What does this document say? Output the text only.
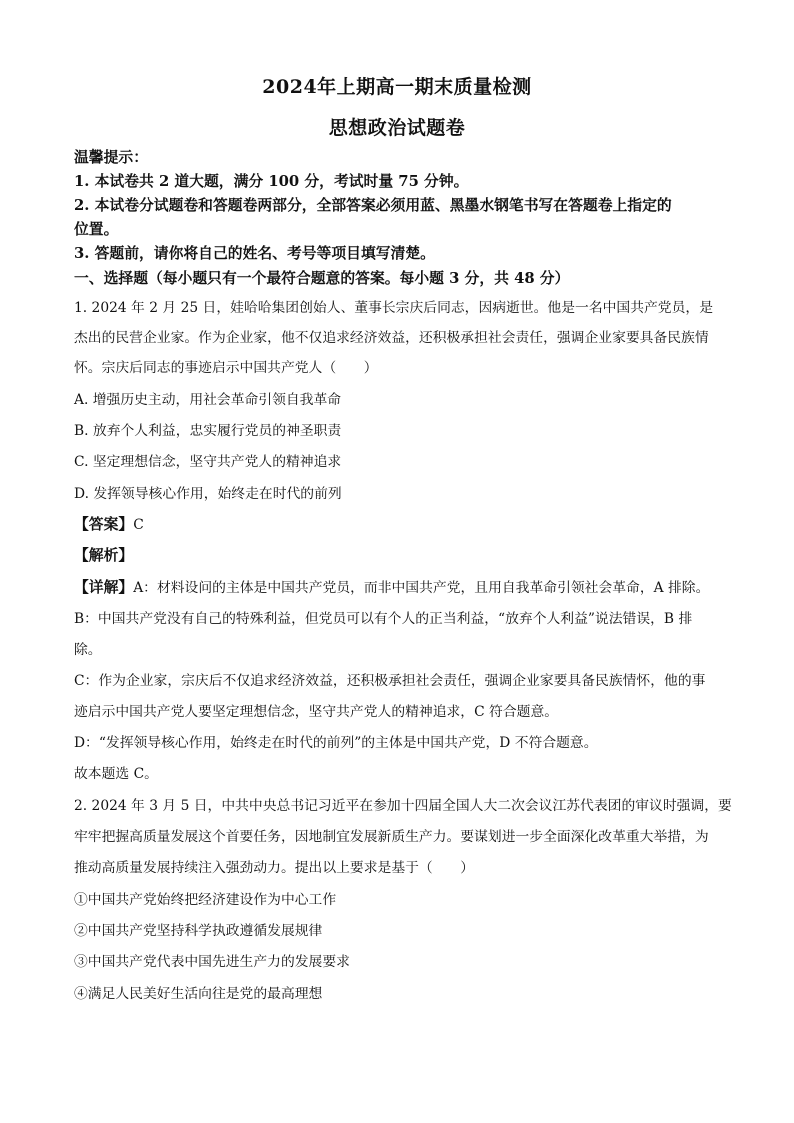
2024年上期高一期末质量检测
思想政治试题卷
温馨提示：
1. 本试卷共 2 道大题，满分 100 分，考试时量 75 分钟。
2. 本试卷分试题卷和答题卷两部分，全部答案必须用蓝、黑墨水钢笔书写在答题卷上指定的
位置。
3. 答题前，请你将自己的姓名、考号等项目填写清楚。
一、选择题（每小题只有一个最符合题意的答案。每小题 3 分，共 48 分）
1. 2024 年 2 月 25 日，娃哈哈集团创始人、董事长宗庆后同志，因病逝世。他是一名中国共产党员，是
杰出的民营企业家。作为企业家，他不仅追求经济效益，还积极承担社会责任，强调企业家要具备民族情
怀。宗庆后同志的事迹启示中国共产党人（　　）
A. 增强历史主动，用社会革命引领自我革命
B. 放弃个人利益，忠实履行党员的神圣职责
C. 坚定理想信念，坚守共产党人的精神追求
D. 发挥领导核心作用，始终走在时代的前列
【答案】C
【解析】
【详解】A：材料设问的主体是中国共产党员，而非中国共产党，且用自我革命引领社会革命，A 排除。
B：中国共产党没有自己的特殊利益，但党员可以有个人的正当利益，“放弃个人利益”说法错误，B 排
除。
C：作为企业家，宗庆后不仅追求经济效益，还积极承担社会责任，强调企业家要具备民族情怀，他的事
迹启示中国共产党人要坚定理想信念，坚守共产党人的精神追求，C 符合题意。
D：“发挥领导核心作用，始终走在时代的前列”的主体是中国共产党，D 不符合题意。
故本题选 C。
2. 2024 年 3 月 5 日，中共中央总书记习近平在参加十四届全国人大二次会议江苏代表团的审议时强调，要
牢牢把握高质量发展这个首要任务，因地制宜发展新质生产力。要谋划进一步全面深化改革重大举措，为
推动高质量发展持续注入强劲动力。提出以上要求是基于（　　）
①中国共产党始终把经济建设作为中心工作
②中国共产党坚持科学执政遵循发展规律
③中国共产党代表中国先进生产力的发展要求
④满足人民美好生活向往是党的最高理想
